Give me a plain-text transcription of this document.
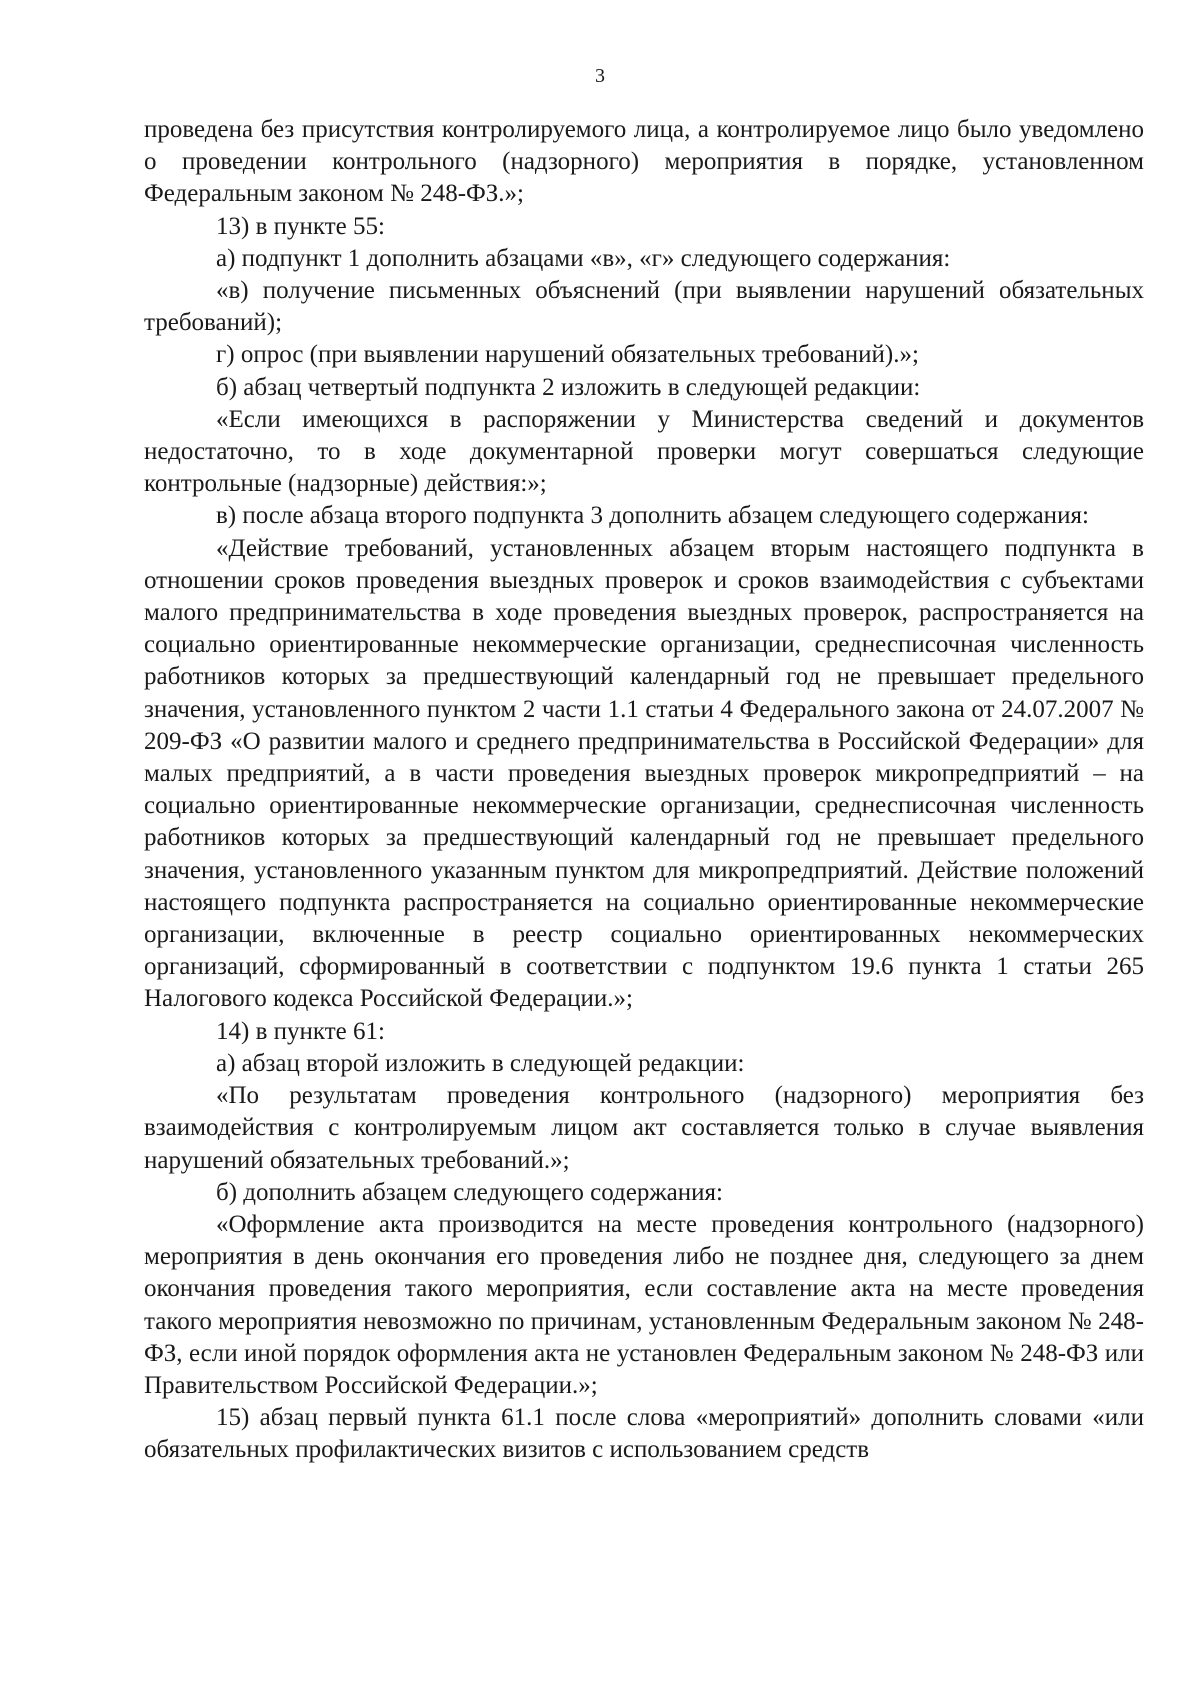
3

проведена без присутствия контролируемого лица, а контролируемое лицо было уведомлено о проведении контрольного (надзорного) мероприятия в порядке, установленном Федеральным законом № 248-ФЗ.»;

13) в пункте 55:

а) подпункт 1 дополнить абзацами «в», «г» следующего содержания:

«в) получение письменных объяснений (при выявлении нарушений обязательных требований);

г) опрос (при выявлении нарушений обязательных требований).»;

б) абзац четвертый подпункта 2 изложить в следующей редакции:

«Если имеющихся в распоряжении у Министерства сведений и документов недостаточно, то в ходе документарной проверки могут совершаться следующие контрольные (надзорные) действия:»;

в) после абзаца второго подпункта 3 дополнить абзацем следующего содержания:

«Действие требований, установленных абзацем вторым настоящего подпункта в отношении сроков проведения выездных проверок и сроков взаимодействия с субъектами малого предпринимательства в ходе проведения выездных проверок, распространяется на социально ориентированные некоммерческие организации, среднесписочная численность работников которых за предшествующий календарный год не превышает предельного значения, установленного пунктом 2 части 1.1 статьи 4 Федерального закона от 24.07.2007 № 209-ФЗ «О развитии малого и среднего предпринимательства в Российской Федерации» для малых предприятий, а в части проведения выездных проверок микропредприятий – на социально ориентированные некоммерческие организации, среднесписочная численность работников которых за предшествующий календарный год не превышает предельного значения, установленного указанным пунктом для микропредприятий. Действие положений настоящего подпункта распространяется на социально ориентированные некоммерческие организации, включенные в реестр социально ориентированных некоммерческих организаций, сформированный в соответствии с подпунктом 19.6 пункта 1 статьи 265 Налогового кодекса Российской Федерации.»;

14) в пункте 61:

а) абзац второй изложить в следующей редакции:

«По результатам проведения контрольного (надзорного) мероприятия без взаимодействия с контролируемым лицом акт составляется только в случае выявления нарушений обязательных требований.»;

б) дополнить абзацем следующего содержания:

«Оформление акта производится на месте проведения контрольного (надзорного) мероприятия в день окончания его проведения либо не позднее дня, следующего за днем окончания проведения такого мероприятия, если составление акта на месте проведения такого мероприятия невозможно по причинам, установленным Федеральным законом № 248-ФЗ, если иной порядок оформления акта не установлен Федеральным законом № 248-ФЗ или Правительством Российской Федерации.»;

15) абзац первый пункта 61.1 после слова «мероприятий» дополнить словами «или обязательных профилактических визитов с использованием средств
